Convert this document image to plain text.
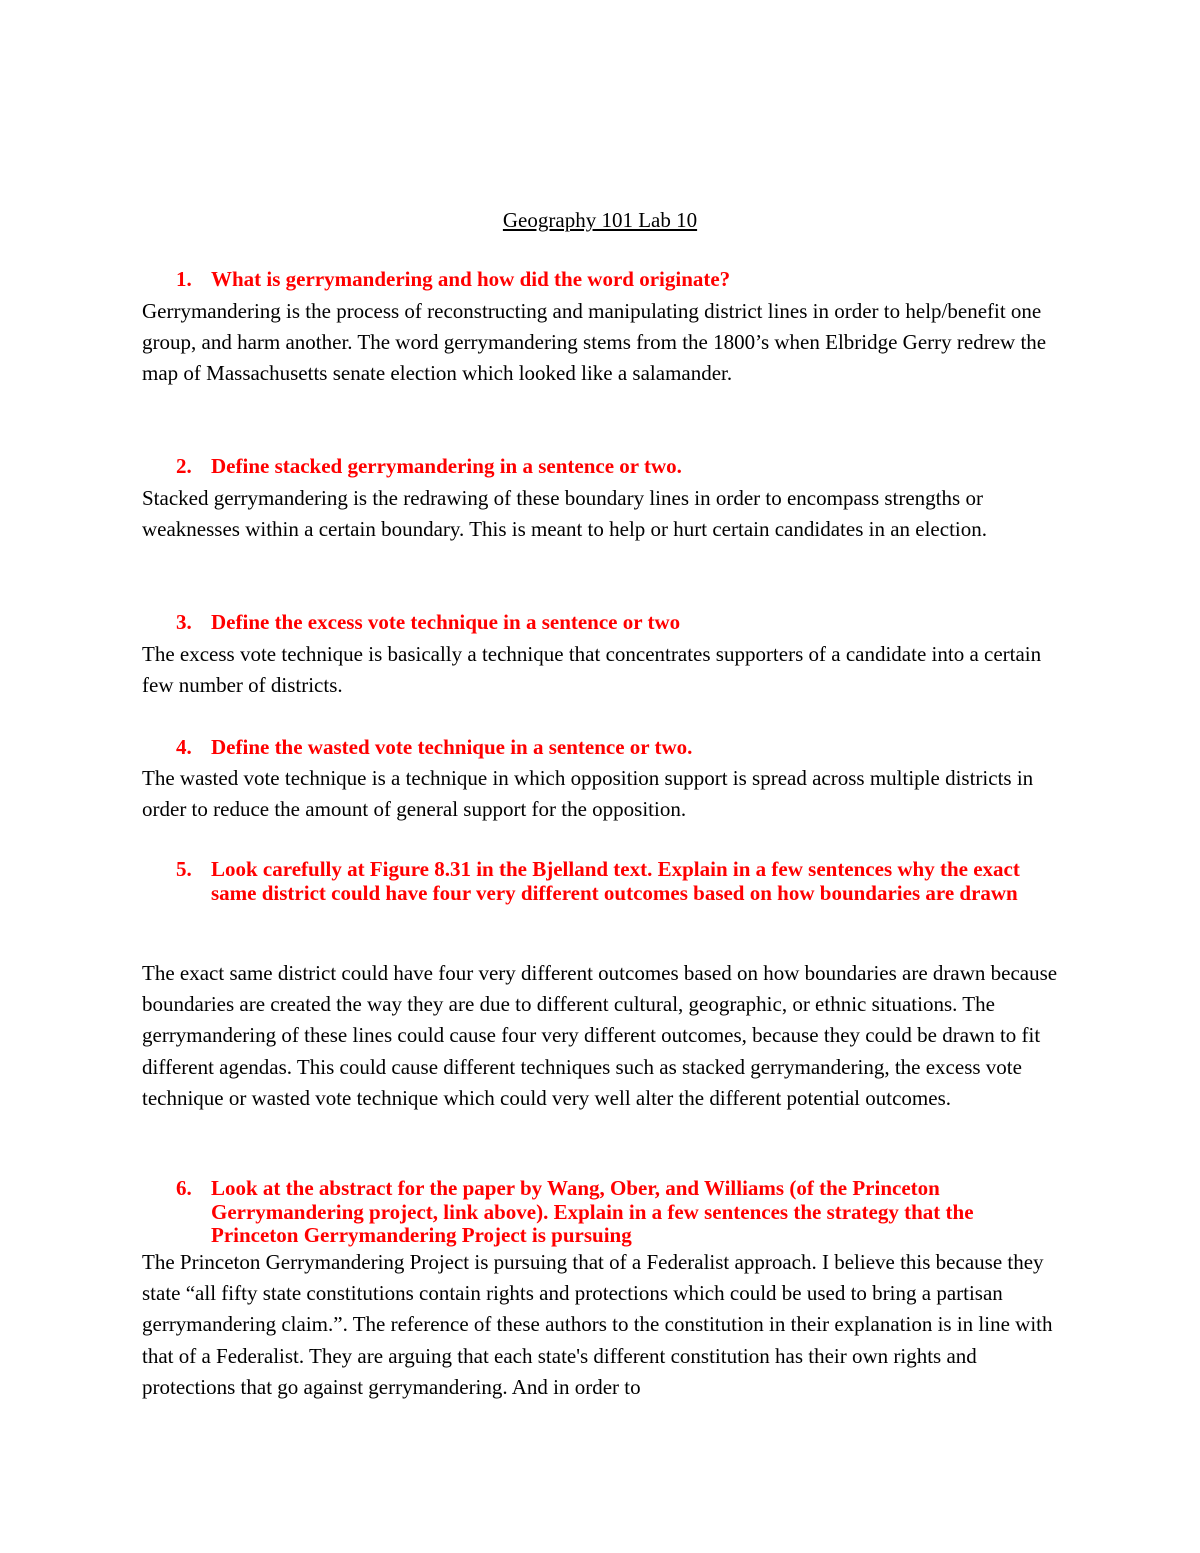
Geography 101 Lab 10
1. What is gerrymandering and how did the word originate?
Gerrymandering is the process of reconstructing and manipulating district lines in order to help/benefit one group, and harm another. The word gerrymandering stems from the 1800’s when Elbridge Gerry redrew the map of Massachusetts senate election which looked like a salamander.
2. Define stacked gerrymandering in a sentence or two.
Stacked gerrymandering is the redrawing of these boundary lines in order to encompass strengths or weaknesses within a certain boundary. This is meant to help or hurt certain candidates in an election.
3. Define the excess vote technique in a sentence or two
The excess vote technique is basically a technique that concentrates supporters of a candidate into a certain few number of districts.
4. Define the wasted vote technique in a sentence or two.
The wasted vote technique is a technique in which opposition support is spread across multiple districts in order to reduce the amount of general support for the opposition.
5. Look carefully at Figure 8.31 in the Bjelland text. Explain in a few sentences why the exact same district could have four very different outcomes based on how boundaries are drawn
The exact same district could have four very different outcomes based on how boundaries are drawn because boundaries are created the way they are due to different cultural, geographic, or ethnic situations. The gerrymandering of these lines could cause four very different outcomes, because they could be drawn to fit different agendas. This could cause different techniques such as stacked gerrymandering, the excess vote technique or wasted vote technique which could very well alter the different potential outcomes.
6. Look at the abstract for the paper by Wang, Ober, and Williams (of the Princeton Gerrymandering project, link above). Explain in a few sentences the strategy that the Princeton Gerrymandering Project is pursuing
The Princeton Gerrymandering Project is pursuing that of a Federalist approach. I believe this because they state “all fifty state constitutions contain rights and protections which could be used to bring a partisan gerrymandering claim.”. The reference of these authors to the constitution in their explanation is in line with that of a Federalist. They are arguing that each state's different constitution has their own rights and protections that go against gerrymandering. And in order to
